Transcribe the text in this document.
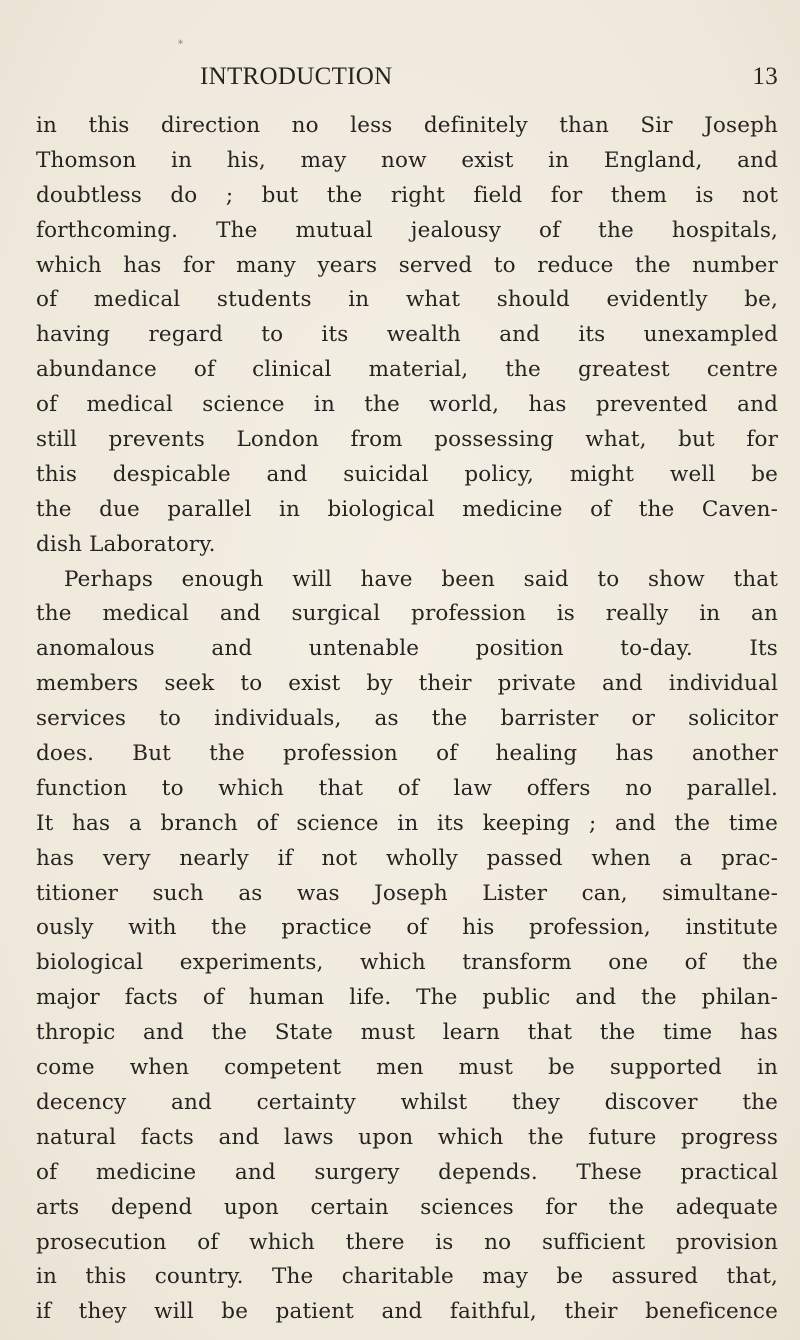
*
INTRODUCTION	13
in this direction no less definitely than Sir Joseph
Thomson in his, may now exist in England, and
doubtless do ; but the right field for them is not
forthcoming. The mutual jealousy of the hospitals,
which has for many years served to reduce the number
of medical students in what should evidently be,
having regard to its wealth and its unexampled
abundance of clinical material, the greatest centre
of medical science in the world, has prevented and
still prevents London from possessing what, but for
this despicable and suicidal policy, might well be
the due parallel in biological medicine of the Caven-
dish Laboratory.
Perhaps enough will have been said to show that
the medical and surgical profession is really in an
anomalous and untenable position to-day. Its
members seek to exist by their private and individual
services to individuals, as the barrister or solicitor
does. But the profession of healing has another
function to which that of law offers no parallel.
It has a branch of science in its keeping ; and the time
has very nearly if not wholly passed when a prac-
titioner such as was Joseph Lister can, simultane-
ously with the practice of his profession, institute
biological experiments, which transform one of the
major facts of human life. The public and the philan-
thropic and the State must learn that the time has
come when competent men must be supported in
decency and certainty whilst they discover the
natural facts and laws upon which the future progress
of medicine and surgery depends. These practical
arts depend upon certain sciences for the adequate
prosecution of which there is no sufficient provision
in this country. The charitable may be assured that,
if they will be patient and faithful, their beneficence
